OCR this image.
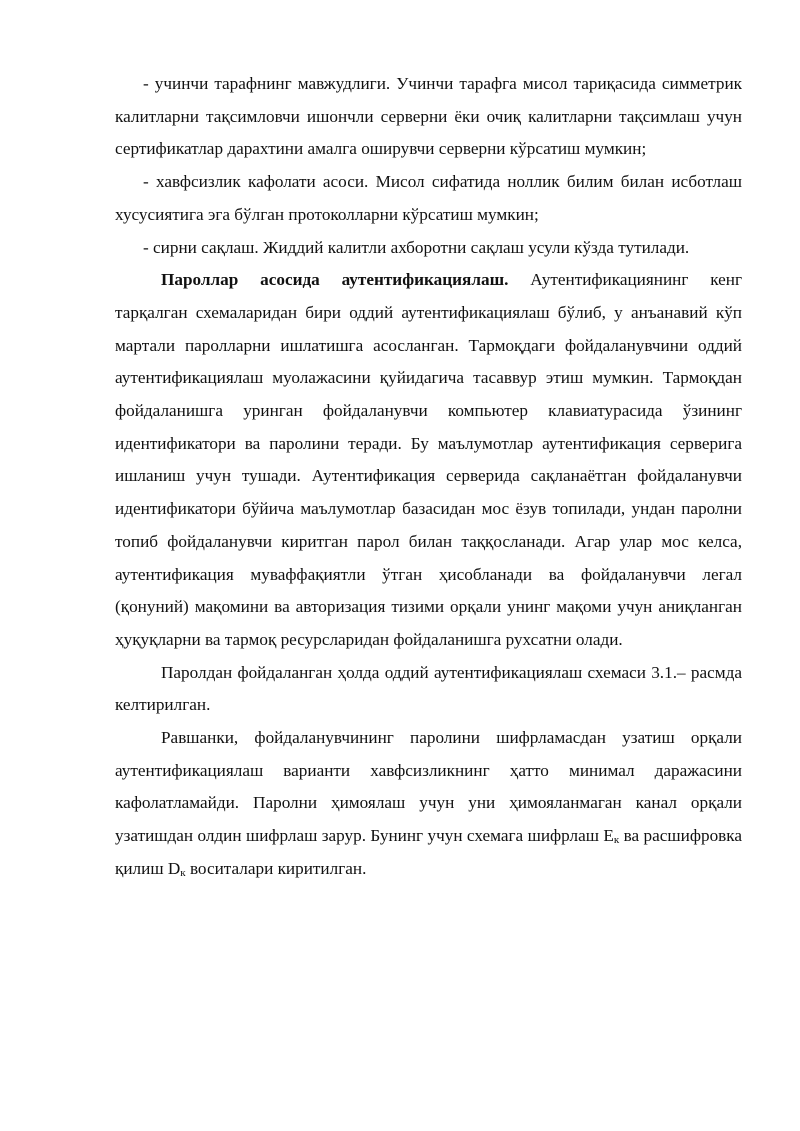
- учинчи тарафнинг мавжудлиги. Учинчи тарафга мисол тариқасида симметрик калитларни тақсимловчи ишончли серверни ёки очиқ калитларни тақсимлаш учун сертификатлар дарахтини амалга оширувчи серверни кўрсатиш мумкин;

- хавфсизлик кафолати асоси. Мисол сифатида ноллик билим билан исботлаш хусусиятига эга бўлган протоколларни кўрсатиш мумкин;

- сирни сақлаш. Жиддий калитли ахборотни сақлаш усули кўзда тутилади.

Пароллар асосида аутентификациялаш. Аутентификациянинг кенг тарқалган схемаларидан бири оддий аутентификациялаш бўлиб, у анъанавий кўп мартали паролларни ишлатишга асосланган. Тармоқдаги фойдаланувчини оддий аутентификациялаш муолажасини қуйидагича тасаввур этиш мумкин. Тармоқдан фойдаланишга уринган фойдаланувчи компьютер клавиатурасида ўзининг идентификатори ва паролини теради. Бу маълумотлар аутентификация серверига ишланиш учун тушади. Аутентификация серверида сақланаётган фойдаланувчи идентификатори бўйича маълумотлар базасидан мос ёзув топилади, ундан паролни топиб фойдаланувчи киритган парол билан таққосланади. Агар улар мос келса, аутентификация муваффақиятли ўтган ҳисобланади ва фойдаланувчи легал (қонуний) мақомини ва авторизация тизими орқали унинг мақоми учун аниқланган ҳуқуқларни ва тармоқ ресурсларидан фойдаланишга рухсатни олади.

Паролдан фойдаланган ҳолда оддий аутентификациялаш схемаси 3.1.– расмда келтирилган.

Равшанки, фойдаланувчининг паролини шифрламасдан узатиш орқали аутентификациялаш варианти хавфсизликнинг ҳатто минимал даражасини кафолатламайди. Паролни ҳимоялаш учун уни ҳимояланмаган канал орқали узатишдан олдин шифрлаш зарур. Бунинг учун схемага шифрлаш $E_к$ ва расшифровка қилиш $D_к$ воситалари киритилган.
